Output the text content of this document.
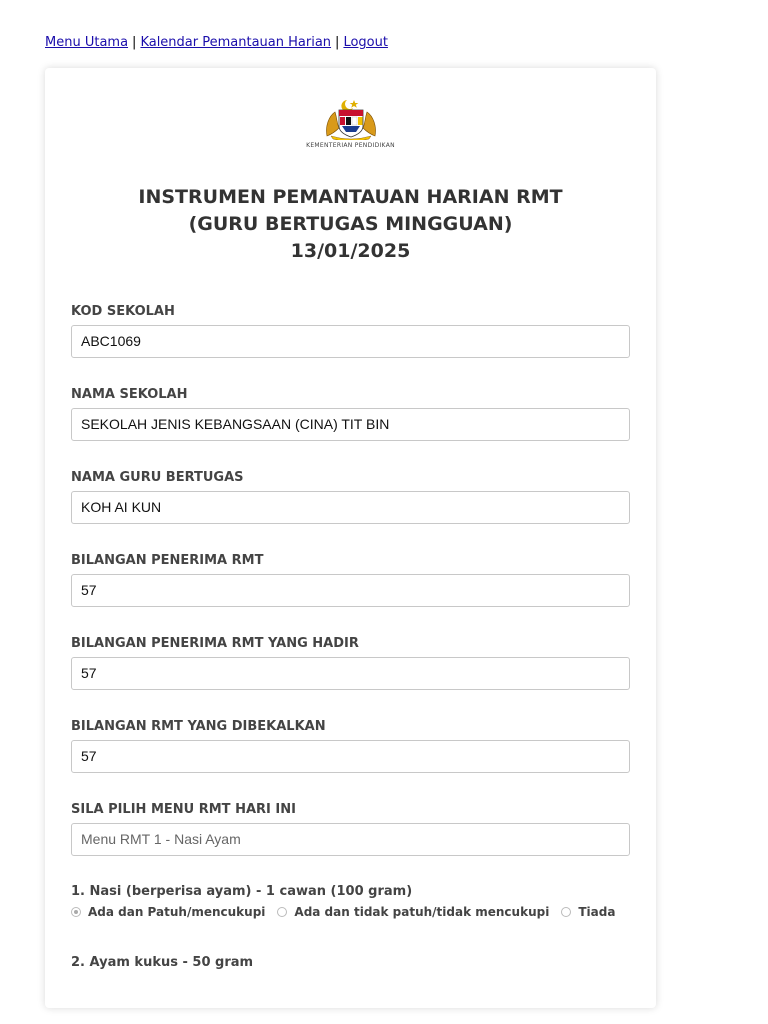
Menu Utama | Kalendar Pemantauan Harian | Logout
KEMENTERIAN PENDIDIKAN
INSTRUMEN PEMANTAUAN HARIAN RMT
(GURU BERTUGAS MINGGUAN)
13/01/2025
KOD SEKOLAH
ABC1069
NAMA SEKOLAH
SEKOLAH JENIS KEBANGSAAN (CINA) TIT BIN
NAMA GURU BERTUGAS
KOH AI KUN
BILANGAN PENERIMA RMT
57
BILANGAN PENERIMA RMT YANG HADIR
57
BILANGAN RMT YANG DIBEKALKAN
57
SILA PILIH MENU RMT HARI INI
Menu RMT 1 - Nasi Ayam
1. Nasi (berperisa ayam) - 1 cawan (100 gram)
Ada dan Patuh/mencukupi Ada dan tidak patuh/tidak mencukupi Tiada
2. Ayam kukus - 50 gram
